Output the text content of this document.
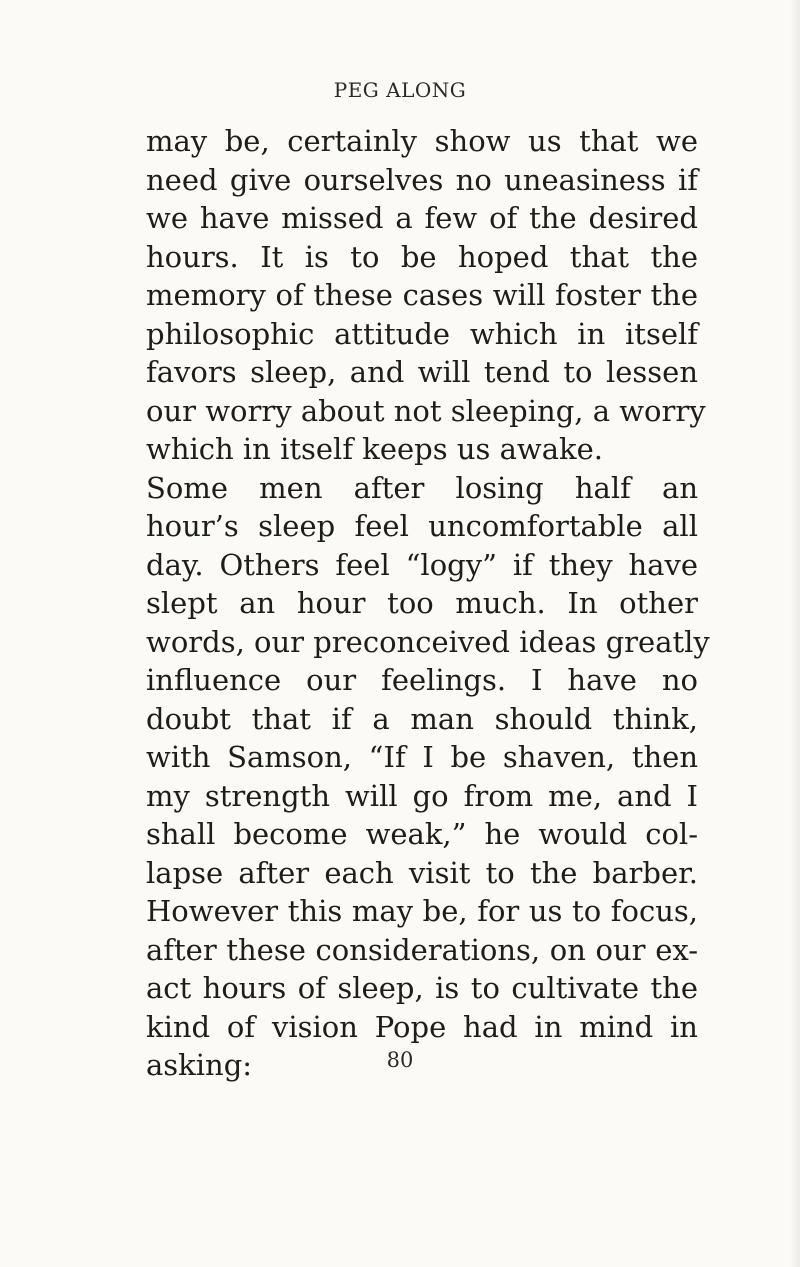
PEG ALONG
may be, certainly show us that we
need give ourselves no uneasiness if
we have missed a few of the desired
hours. It is to be hoped that the
memory of these cases will foster the
philosophic attitude which in itself
favors sleep, and will tend to lessen
our worry about not sleeping, a worry
which in itself keeps us awake.
Some men after losing half an
hour’s sleep feel uncomfortable all
day. Others feel “logy” if they have
slept an hour too much. In other
words, our preconceived ideas greatly
influence our feelings. I have no
doubt that if a man should think,
with Samson, “If I be shaven, then
my strength will go from me, and I
shall become weak,” he would col-
lapse after each visit to the barber.
However this may be, for us to focus,
after these considerations, on our ex-
act hours of sleep, is to cultivate the
kind of vision Pope had in mind in
asking:	80
